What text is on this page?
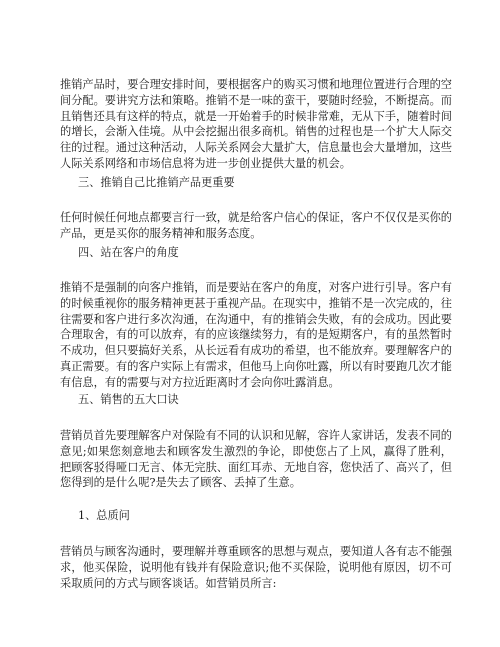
推销产品时，要合理安排时间，要根据客户的购买习惯和地理位置进行合理的空间分配。要讲究方法和策略。推销不是一味的蛮干，要随时经验，不断提高。而且销售还具有这样的特点，就是一开始着手的时候非常难，无从下手，随着时间的增长，会渐入佳境。从中会挖掘出很多商机。销售的过程也是一个扩大人际交往的过程。通过这种活动，人际关系网会大量扩大，信息量也会大量增加，这些人际关系网络和市场信息将为进一步创业提供大量的机会。

三、推销自己比推销产品更重要

任何时候任何地点都要言行一致，就是给客户信心的保证，客户不仅仅是买你的产品，更是买你的服务精神和服务态度。

四、站在客户的角度

推销不是强制的向客户推销，而是要站在客户的角度，对客户进行引导。客户有的时候重视你的服务精神更甚于重视产品。在现实中，推销不是一次完成的，往往需要和客户进行多次沟通，在沟通中，有的推销会失败，有的会成功。因此要合理取舍，有的可以放弃，有的应该继续努力，有的是短期客户，有的虽然暂时不成功，但只要搞好关系，从长远看有成功的希望，也不能放弃。要理解客户的真正需要。有的客户实际上有需求，但他马上向你吐露，所以有时要跑几次才能有信息，有的需要与对方拉近距离时才会向你吐露消息。

五、销售的五大口诀

营销员首先要理解客户对保险有不同的认识和见解，容许人家讲话，发表不同的意见;如果您刻意地去和顾客发生激烈的争论，即使您占了上风，赢得了胜利，把顾客驳得哑口无言、体无完肤、面红耳赤、无地自容，您快活了、高兴了，但您得到的是什么呢?是失去了顾客、丢掉了生意。

1、总质问

营销员与顾客沟通时，要理解并尊重顾客的思想与观点，要知道人各有志不能强求，他买保险，说明他有钱并有保险意识;他不买保险，说明他有原因，切不可采取质问的方式与顾客谈话。如营销员所言:
